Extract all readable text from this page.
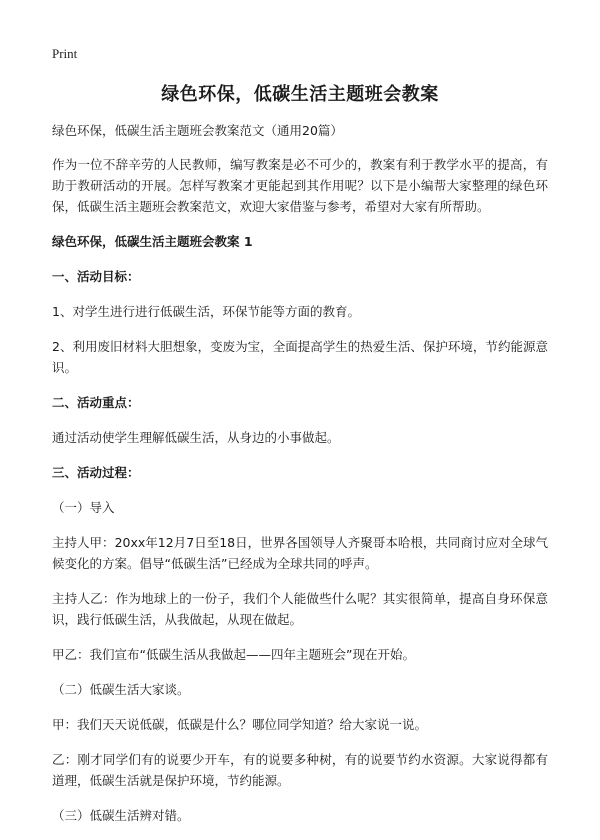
Print
绿色环保，低碳生活主题班会教案

绿色环保，低碳生活主题班会教案范文（通用20篇）

作为一位不辞辛劳的人民教师，编写教案是必不可少的，教案有利于教学水平的提高，有助于教研活动的开展。怎样写教案才更能起到其作用呢？以下是小编帮大家整理的绿色环保，低碳生活主题班会教案范文，欢迎大家借鉴与参考，希望对大家有所帮助。

绿色环保，低碳生活主题班会教案 1

一、活动目标：

1、对学生进行进行低碳生活，环保节能等方面的教育。

2、利用废旧材料大胆想象，变废为宝，全面提高学生的热爱生活、保护环境，节约能源意识。

二、活动重点：

通过活动使学生理解低碳生活，从身边的小事做起。

三、活动过程：

（一）导入

主持人甲：20xx年12月7日至18日，世界各国领导人齐聚哥本哈根，共同商讨应对全球气候变化的方案。倡导“低碳生活”已经成为全球共同的呼声。

主持人乙：作为地球上的一份子，我们个人能做些什么呢？其实很简单，提高自身环保意识，践行低碳生活，从我做起，从现在做起。

甲乙：我们宣布“低碳生活从我做起——四年主题班会”现在开始。

（二）低碳生活大家谈。

甲：我们天天说低碳，低碳是什么？哪位同学知道？给大家说一说。

乙：刚才同学们有的说要少开车，有的说要多种树，有的说要节约水资源。大家说得都有道理，低碳生活就是保护环境，节约能源。

（三）低碳生活辨对错。
